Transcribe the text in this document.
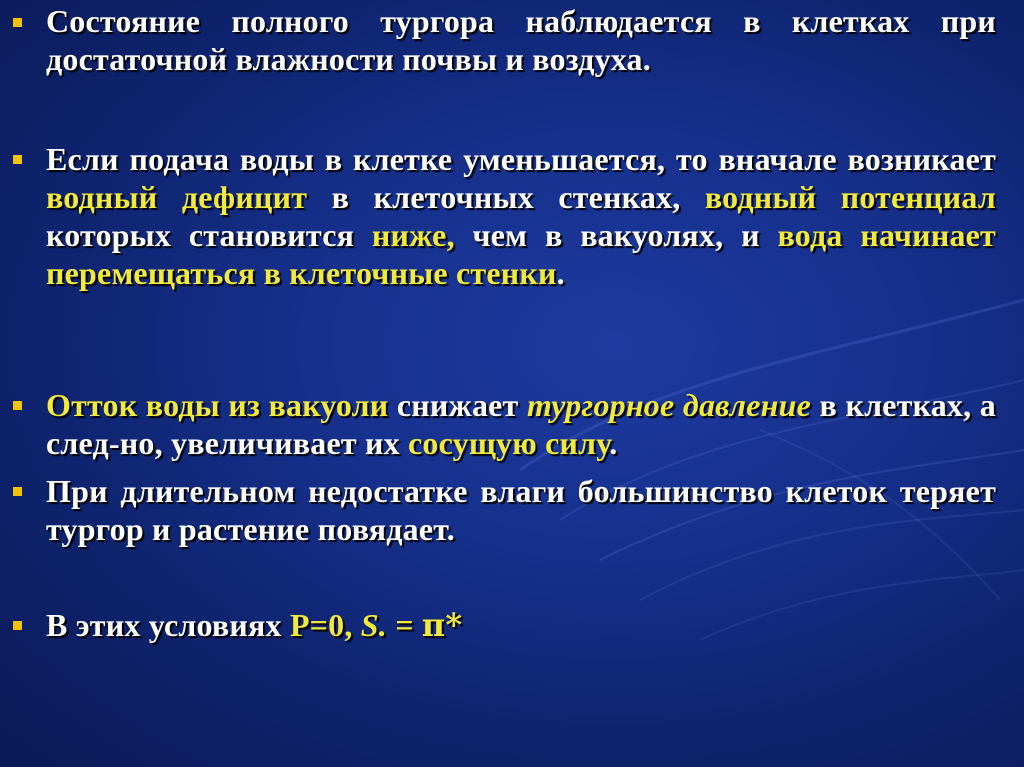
Состояние полного тургора наблюдается в клетках при достаточной влажности почвы и воздуха.
Если подача воды в клетке уменьшается, то вначале возникает водный дефицит в клеточных стенках, водный потенциал которых становится ниже, чем в вакуолях, и вода начинает перемещаться в клеточные стенки.
Отток воды из вакуоли снижает тургорное давление в клетках, а след-но, увеличивает их сосущую силу.
При длительном недостатке влаги большинство клеток теряет тургор и растение повядает.
В этих условиях Р=0, S. = π*
